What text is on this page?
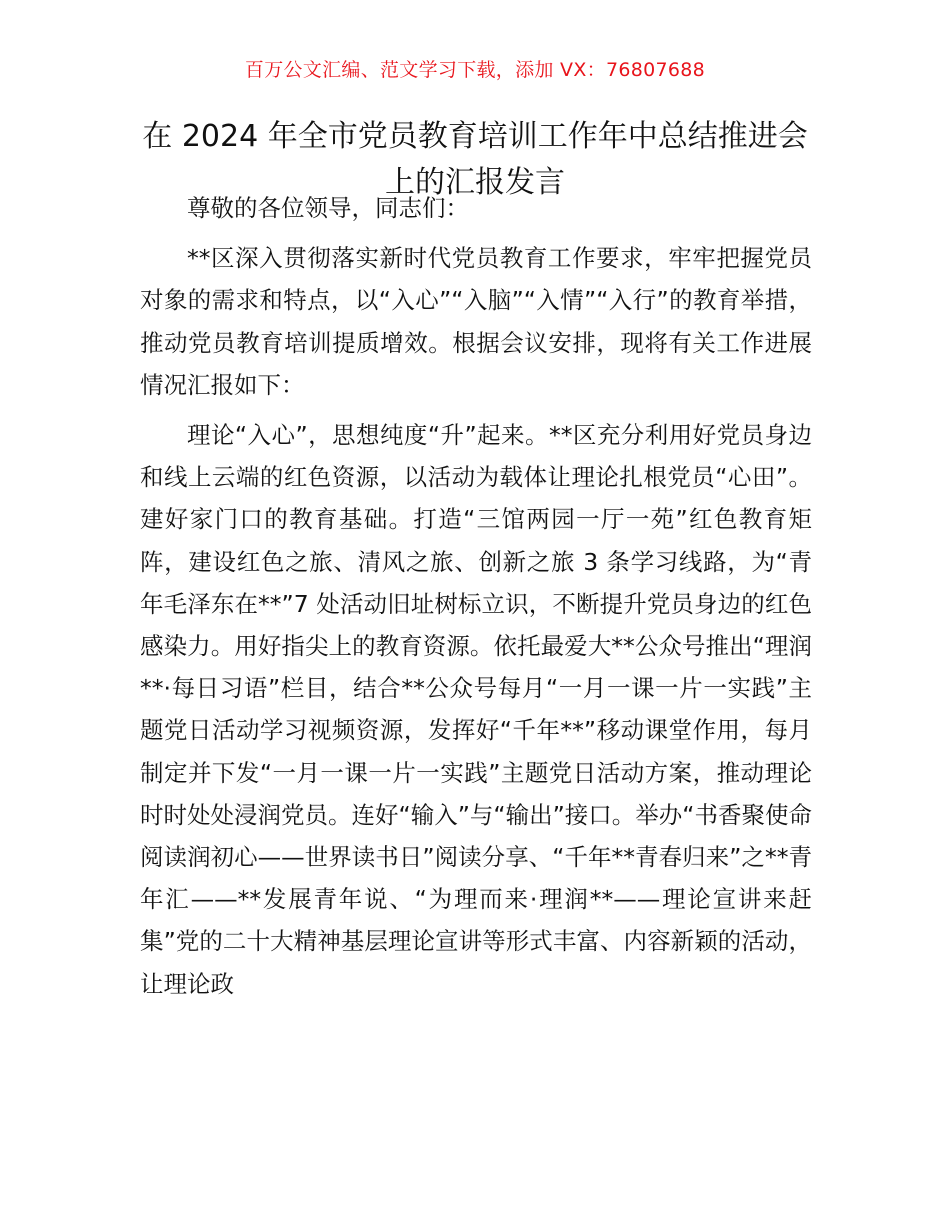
百万公文汇编、范文学习下载，添加 VX：76807688
在 2024 年全市党员教育培训工作年中总结推进会上的汇报发言

尊敬的各位领导，同志们：

**区深入贯彻落实新时代党员教育工作要求，牢牢把握党员对象的需求和特点，以“入心”“入脑”“入情”“入行”的教育举措，推动党员教育培训提质增效。根据会议安排，现将有关工作进展情况汇报如下：

理论“入心”，思想纯度“升”起来。**区充分利用好党员身边和线上云端的红色资源，以活动为载体让理论扎根党员“心田”。建好家门口的教育基础。打造“三馆两园一厅一苑”红色教育矩阵，建设红色之旅、清风之旅、创新之旅 3 条学习线路，为“青年毛泽东在**”7 处活动旧址树标立识，不断提升党员身边的红色感染力。用好指尖上的教育资源。依托最爱大**公众号推出“理润**·每日习语”栏目，结合**公众号每月“一月一课一片一实践”主题党日活动学习视频资源，发挥好“千年**”移动课堂作用，每月制定并下发“一月一课一片一实践”主题党日活动方案，推动理论时时处处浸润党员。连好“输入”与“输出”接口。举办“书香聚使命阅读润初心——世界读书日”阅读分享、“千年**青春归来”之**青年汇——**发展青年说、“为理而来·理润**——理论宣讲来赶集”党的二十大精神基层理论宣讲等形式丰富、内容新颖的活动，让理论政
